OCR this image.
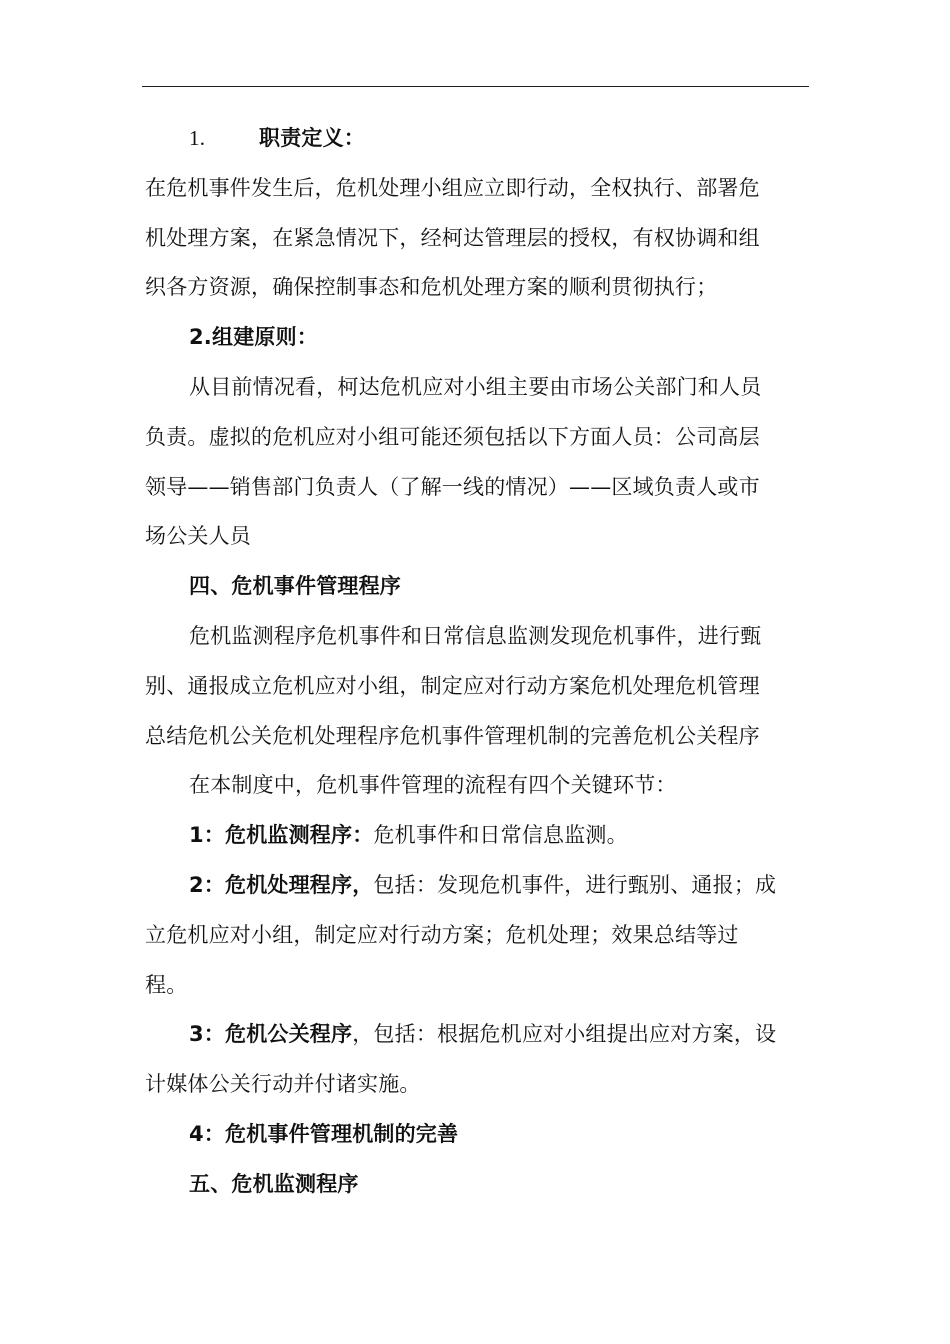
1.	职责定义：
在危机事件发生后，危机处理小组应立即行动，全权执行、部署危
机处理方案，在紧急情况下，经柯达管理层的授权，有权协调和组
织各方资源，确保控制事态和危机处理方案的顺利贯彻执行；
2.组建原则：
从目前情况看，柯达危机应对小组主要由市场公关部门和人员
负责。虚拟的危机应对小组可能还须包括以下方面人员：公司高层
领导——销售部门负责人（了解一线的情况）——区域负责人或市
场公关人员
四、危机事件管理程序
危机监测程序危机事件和日常信息监测发现危机事件，进行甄
别、通报成立危机应对小组，制定应对行动方案危机处理危机管理
总结危机公关危机处理程序危机事件管理机制的完善危机公关程序
在本制度中，危机事件管理的流程有四个关键环节：
1：危机监测程序：危机事件和日常信息监测。
2：危机处理程序，包括：发现危机事件，进行甄别、通报；成
立危机应对小组，制定应对行动方案；危机处理；效果总结等过
程。
3：危机公关程序，包括：根据危机应对小组提出应对方案，设
计媒体公关行动并付诸实施。
4：危机事件管理机制的完善
五、危机监测程序
